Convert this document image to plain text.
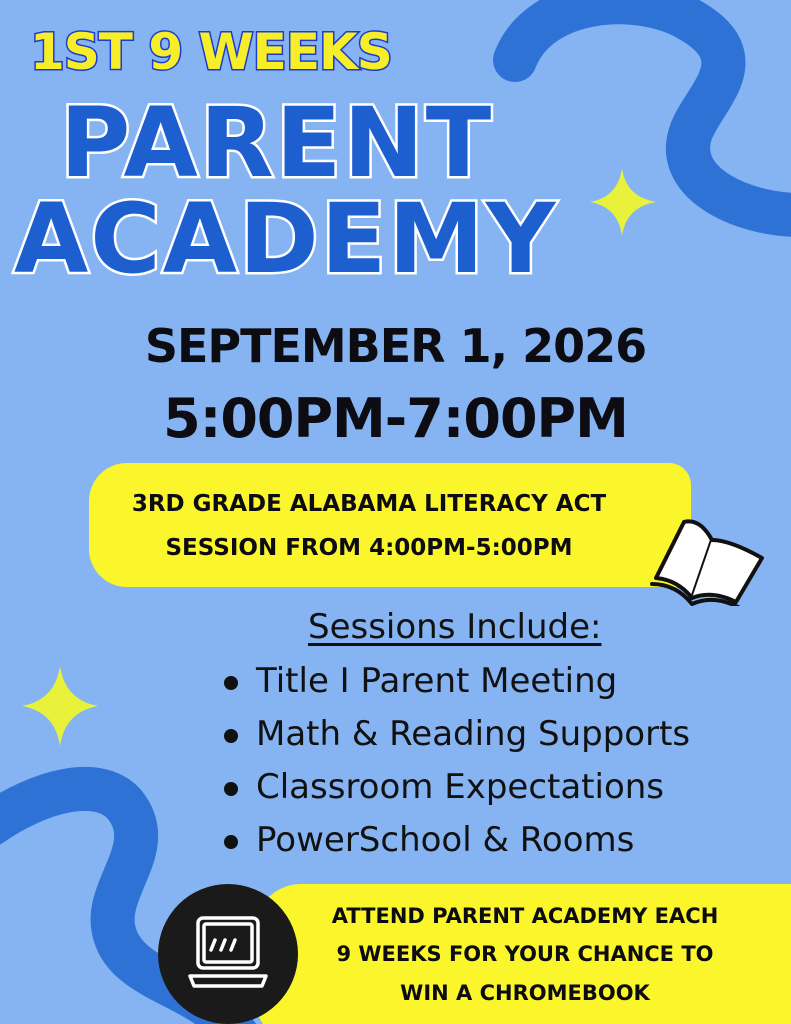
1ST 9 WEEKS
PARENT
ACADEMY
SEPTEMBER 1, 2026
5:00PM-7:00PM
3RD GRADE ALABAMA LITERACY ACT
SESSION FROM 4:00PM-5:00PM
Sessions Include:
Title I Parent Meeting
Math & Reading Supports
Classroom Expectations
PowerSchool & Rooms
ATTEND PARENT ACADEMY EACH
9 WEEKS FOR YOUR CHANCE TO
WIN A CHROMEBOOK
